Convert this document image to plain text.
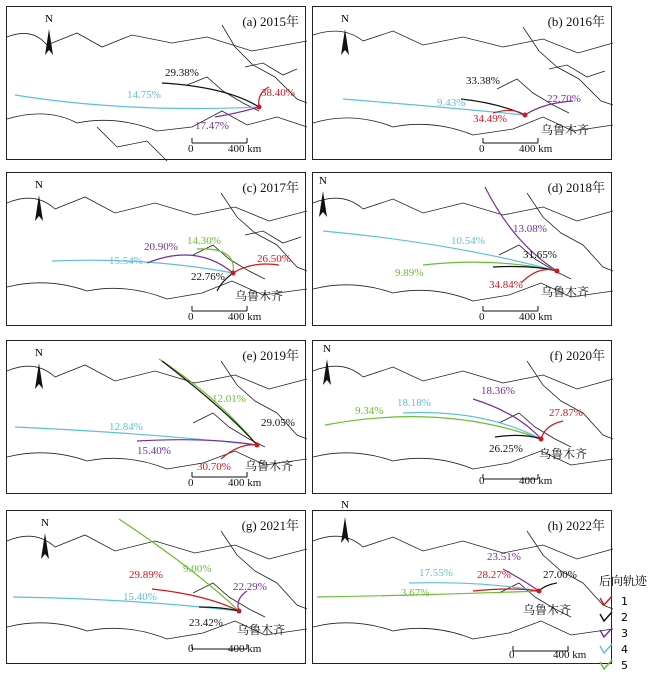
(a) 2015年
N
38.40%
29.38%
17.47%
14.75%
0	400 km
(b) 2016年
N
34.49%
33.38%
22.70%
9.43%
乌鲁木齐
0	400 km
(c) 2017年
N
26.50%
22.76%
20.90%
15.54%
14.30%
乌鲁木齐
0	400 km
(d) 2018年
N
34.84%
31.65%
13.08%
10.54%
9.89%
乌鲁木齐
0	400 km
(e) 2019年
N
30.70%
29.05%
15.40%
12.84%
12.01%
乌鲁木齐
0	400 km
(f) 2020年
N
27.87%
26.25%
18.36%
18.18%
9.34%
乌鲁木齐
0	400 km
(g) 2021年
N
29.89%
23.42%
22.29%
15.40%
9.00%
乌鲁木齐
0	400 km
(h) 2022年
N
28.27%	27.00%
23.51%
17.55%
3.67%
乌鲁木齐
0	400 km
后向轨迹
1
2
3
4
5
